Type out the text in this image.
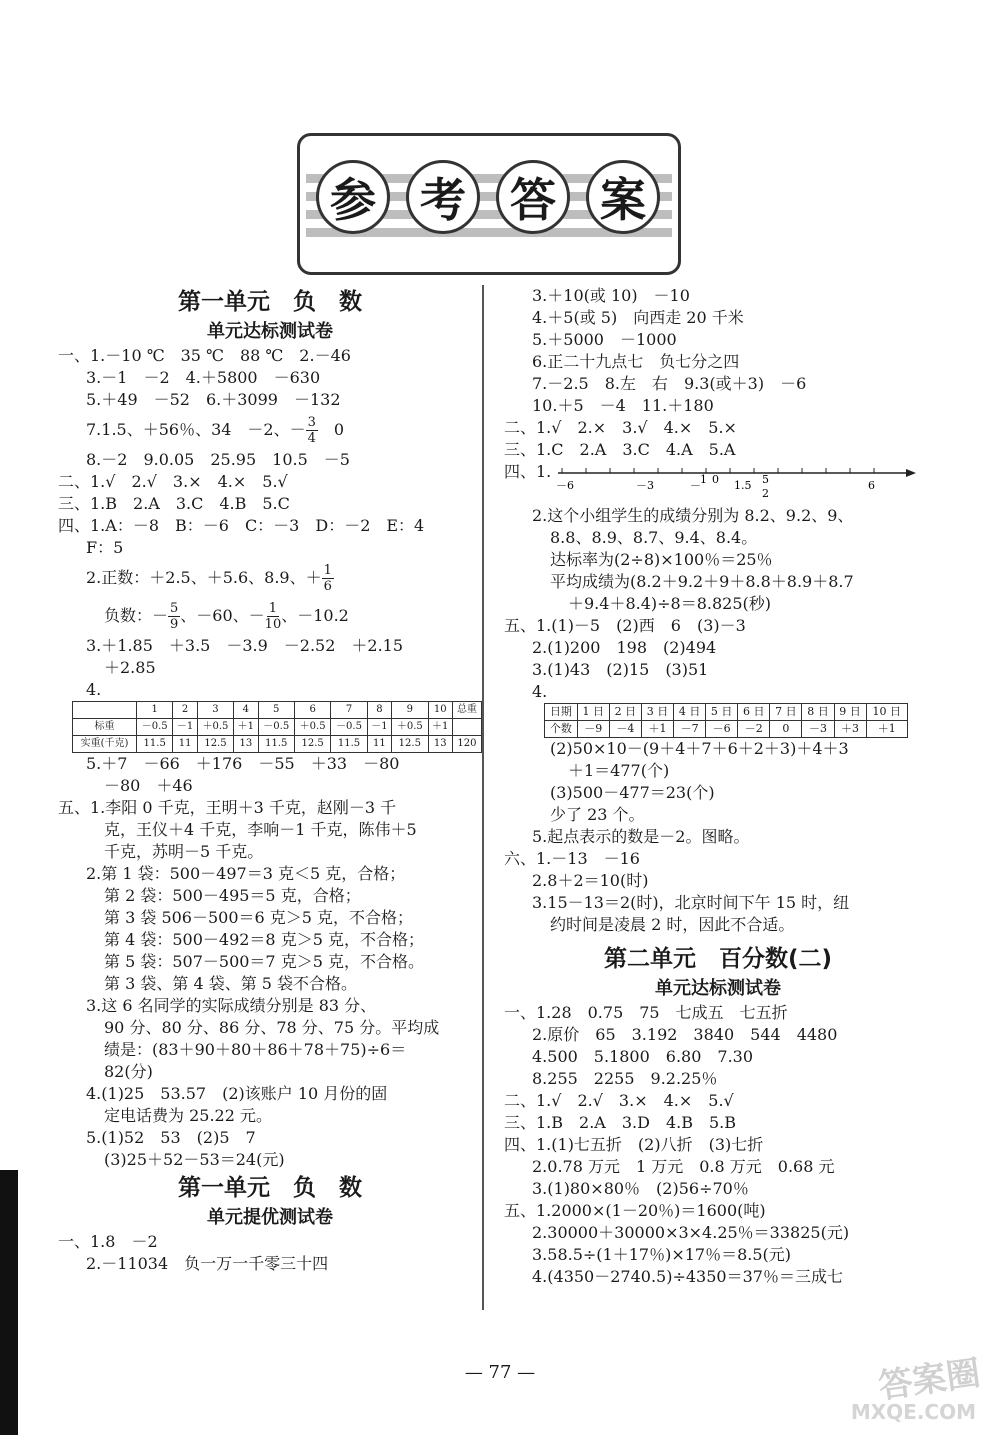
参 考 答 案
第一单元　负　数
单元达标测试卷
一、1.－10 ℃　35 ℃　88 ℃　2.－46
3.－1　－2　4.＋5800　－630
5.＋49　－52　6.＋3099　－132
7.1.5、＋56％、34　－2、－ $\frac{3}{4}$ 　0
8.－2　9.0.05　25.95　10.5　－5
二、1.√　2.√　3.×　4.×　5.√
三、1.B　2.A　3.C　4.B　5.C
四、1.A：－8　B：－6　C：－3　D：－2　E：4
F：5
2.正数：＋2.5、＋5.6、8.9、＋ $\frac{1}{6}$
负数：－ $\frac{5}{9}$ 、－60、－ $\frac{1}{10}$ 、－10.2
3.＋1.85　＋3.5　－3.9　－2.52　＋2.15
＋2.85
4.
	1	2	3	4	5	6	7	8	9	10	总重
标重	－0.5	－1	＋0.5	＋1	－0.5	＋0.5	－0.5	－1	＋0.5	＋1	
实重(千克)	11.5	11	12.5	13	11.5	12.5	11.5	11	12.5	13	120
5.＋7　－66　＋176　－55　＋33　－80
－80　＋46
五、1.李阳 0 千克，王明＋3 千克，赵刚－3 千
克，王仪＋4 千克，李响－1 千克，陈伟＋5
千克，苏明－5 千克。
2.第 1 袋：500－497＝3 克＜5 克，合格；
第 2 袋：500－495＝5 克，合格；
第 3 袋 506－500＝6 克＞5 克，不合格；
第 4 袋：500－492＝8 克＞5 克，不合格；
第 5 袋：507－500＝7 克＞5 克，不合格。
第 3 袋、第 4 袋、第 5 袋不合格。
3.这 6 名同学的实际成绩分别是 83 分、
90 分、80 分、86 分、78 分、75 分。平均成
绩是：(83＋90＋80＋86＋78＋75)÷6＝
82(分)
4.(1)25　53.57　(2)该账户 10 月份的固
定电话费为 25.22 元。
5.(1)52　53　(2)5　7
(3)25＋52－53＝24(元)
第一单元　负　数
单元提优测试卷
一、1.8　－2
2.－11034　负一万一千零三十四
3.＋10(或 10)　－10
4.＋5(或 5)　向西走 20 千米
5.＋5000　－1000
6.正二十九点七　负七分之四
7.－2.5　8.左　右　9.3(或＋3)　－6
10.＋5　－4　11.＋180
二、1.√　2.×　3.√　4.×　5.×
三、1.C　2.A　3.C　4.A　5.A
四、1.
－6	－3	－ 1 0 1.5 5
2
6
2.这个小组学生的成绩分别为 8.2、9.2、9、
8.8、8.9、8.7、9.4、8.4。
达标率为(2÷8)×100％＝25％
平均成绩为(8.2＋9.2＋9＋8.8＋8.9＋8.7
＋9.4＋8.4)÷8＝8.825(秒)
五、1.(1)－5　(2)西　6　(3)－3
2.(1)200　198　(2)494
3.(1)43　(2)15　(3)51
4.
日期	1 日	2 日	3 日	4 日	5 日	6 日	7 日	8 日	9 日	10 日
个数	－9	－4	＋1	－7	－6	－2	0	－3	＋3	＋1
(2)50×10－(9＋4＋7＋6＋2＋3)＋4＋3
＋1＝477(个)
(3)500－477＝23(个)
少了 23 个。
5.起点表示的数是－2。图略。
六、1.－13　－16
2.8＋2＝10(时)
3.15－13＝2(时)，北京时间下午 15 时，纽
约时间是凌晨 2 时，因此不合适。
第二单元　百分数(二)
单元达标测试卷
一、1.28　0.75　75　七成五　七五折
2.原价　65　3.192　3840　544　4480
4.500　5.1800　6.80　7.30
8.255　2255　9.2.25％
二、1.√　2.√　3.×　4.×　5.√
三、1.B　2.A　3.D　4.B　5.B
四、1.(1)七五折　(2)八折　(3)七折
2.0.78 万元　1 万元　0.8 万元　0.68 元
3.(1)80×80％　(2)56÷70％
五、1.2000×(1－20％)＝1600(吨)
2.30000＋30000×3×4.25％＝33825(元)
3.58.5÷(1＋17％)×17％＝8.5(元)
4.(4350－2740.5)÷4350＝37％＝三成七
— 77 —	答案圈
MXQE.COM
